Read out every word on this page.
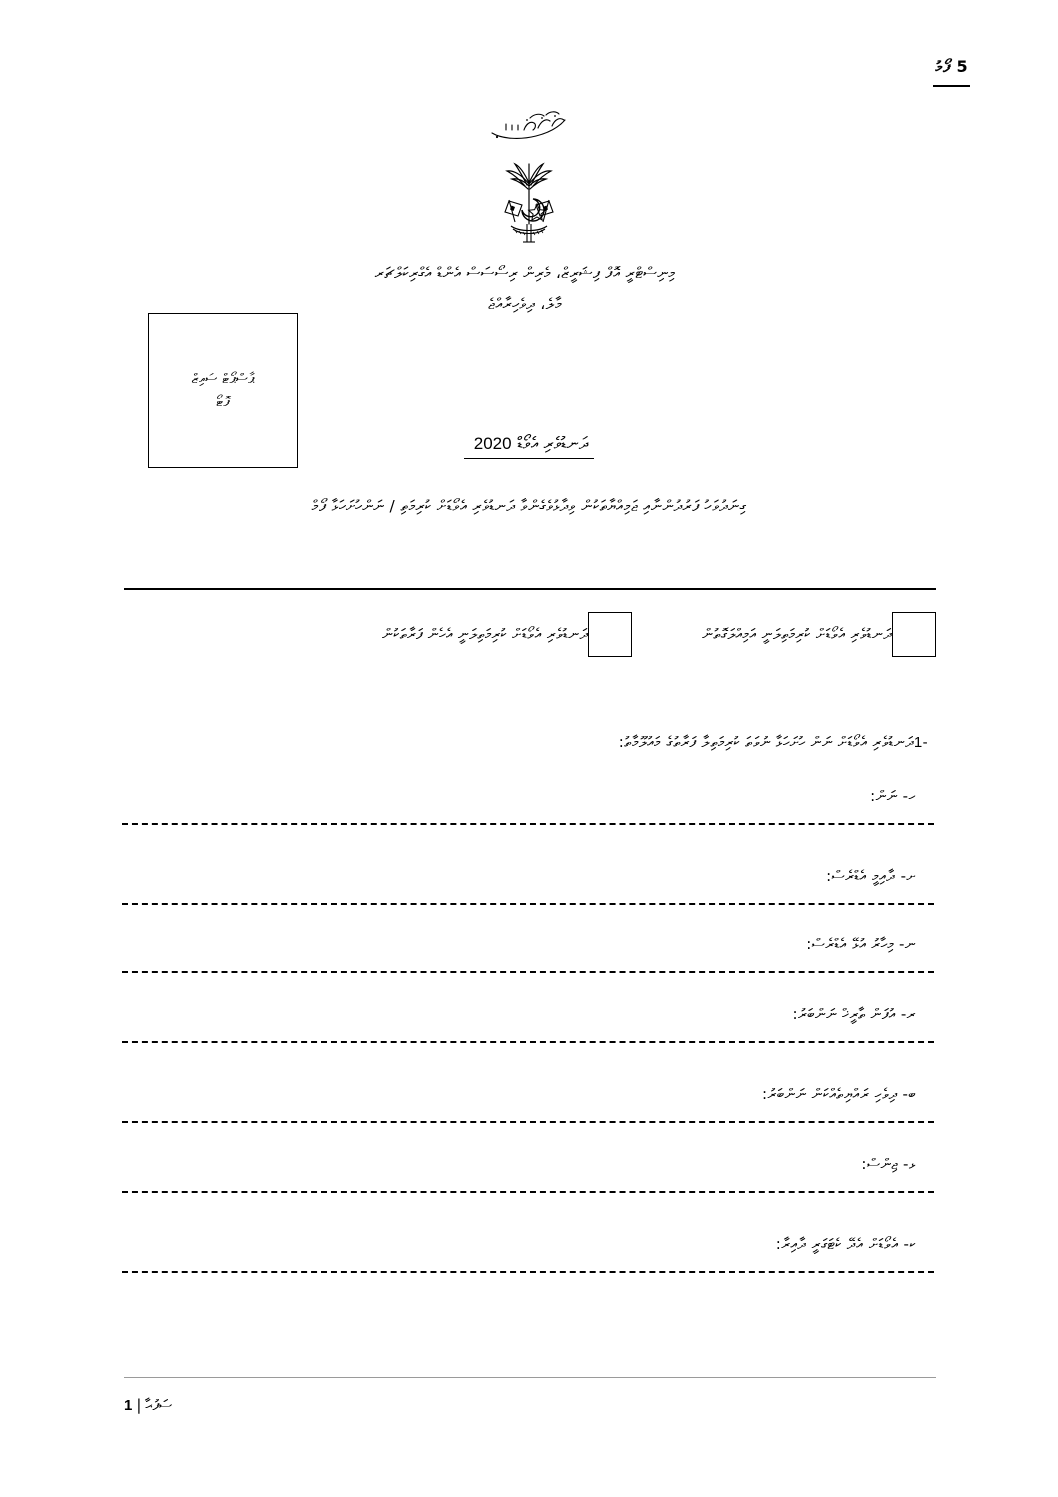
5 ފޯމު
މިނިސްޓްރީ އޮފް ފިޝަރީޒް، މެރިން ރިސޯސަސް އެންޑް އެގްރިކަލްޗަރ
މާލެ، ދިވެހިރާއްޖެ
ޕާސްޕޯޓް ސައިޒް
ފޮޓޯ
ދަނޑުވެރި އެވޯޑް 2020
ގިނަދުވަހު ފަރުދުންނާއި ޖަމިއްޔާތަކުން ވިދާޅުވެގެންވާ ދަނޑުވެރި އެވޯޑަށް ކުރިމަތި / ނަންހުށަހަޅާ ފޯމް
ދަނޑުވެރި އެވޯޑަށް ކުރިމަތިލަނީ އަމިއްލަގޮތުން
ދަނޑުވެރި އެވޯޑަށް ކުރިމަތިލަނީ އެހެން ފަރާތަކުން
1-ދަނޑުވެރި އެވޯޑަށް ނަން ހުށަހަޅާ ނުވަތަ ކުރިމަތިލާ ފަރާތުގެ މައުލޫމާތު:
ހ- ނަން:
ށ- ދާއިމީ އެޑްރެސް:
ނ- މިހާރު އުޅޭ އެޑްރެސް:
ރ- އުފަން ތާރީޚް ނަންބަރު:
ބ- ދިވެހި ރައްޔިތެއްކަން ނަންބަރު:
ޅ- ޖިންސް:
ކ- އެވޯޑަށް އެދޭ ކެޓަގަރީ ދާއިރާ:
ސަފުޙާ|1
